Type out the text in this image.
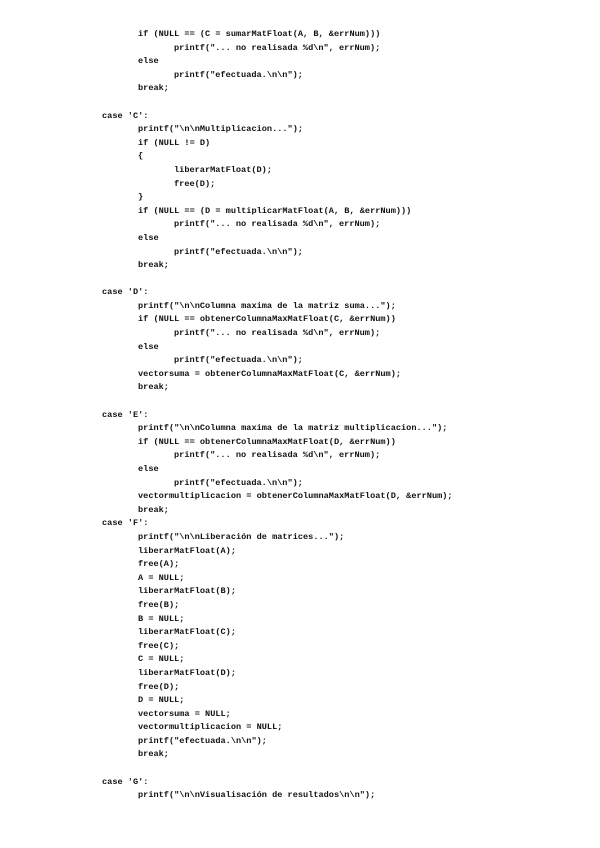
if (NULL == (C = sumarMatFloat(A, B, &errNum)))
printf("... no realisada %d\n", errNum);
else
printf("efectuada.\n\n");
break;
case 'C':
printf("\n\nMultiplicacion...");
if (NULL != D)
{
liberarMatFloat(D);
free(D);
}
if (NULL == (D = multiplicarMatFloat(A, B, &errNum)))
printf("... no realisada %d\n", errNum);
else
printf("efectuada.\n\n");
break;
case 'D':
printf("\n\nColumna maxima de la matriz suma...");
if (NULL == obtenerColumnaMaxMatFloat(C, &errNum))
printf("... no realisada %d\n", errNum);
else
printf("efectuada.\n\n");
vectorsuma = obtenerColumnaMaxMatFloat(C, &errNum);
break;
case 'E':
printf("\n\nColumna maxima de la matriz multiplicacion...");
if (NULL == obtenerColumnaMaxMatFloat(D, &errNum))
printf("... no realisada %d\n", errNum);
else
printf("efectuada.\n\n");
vectormultiplicacion = obtenerColumnaMaxMatFloat(D, &errNum);
break;
case 'F':
printf("\n\nLiberación de matrices...");
liberarMatFloat(A);
free(A);
A = NULL;
liberarMatFloat(B);
free(B);
B = NULL;
liberarMatFloat(C);
free(C);
C = NULL;
liberarMatFloat(D);
free(D);
D = NULL;
vectorsuma = NULL;
vectormultiplicacion = NULL;
printf("efectuada.\n\n");
break;
case 'G':
printf("\n\nVisualisación de resultados\n\n");
